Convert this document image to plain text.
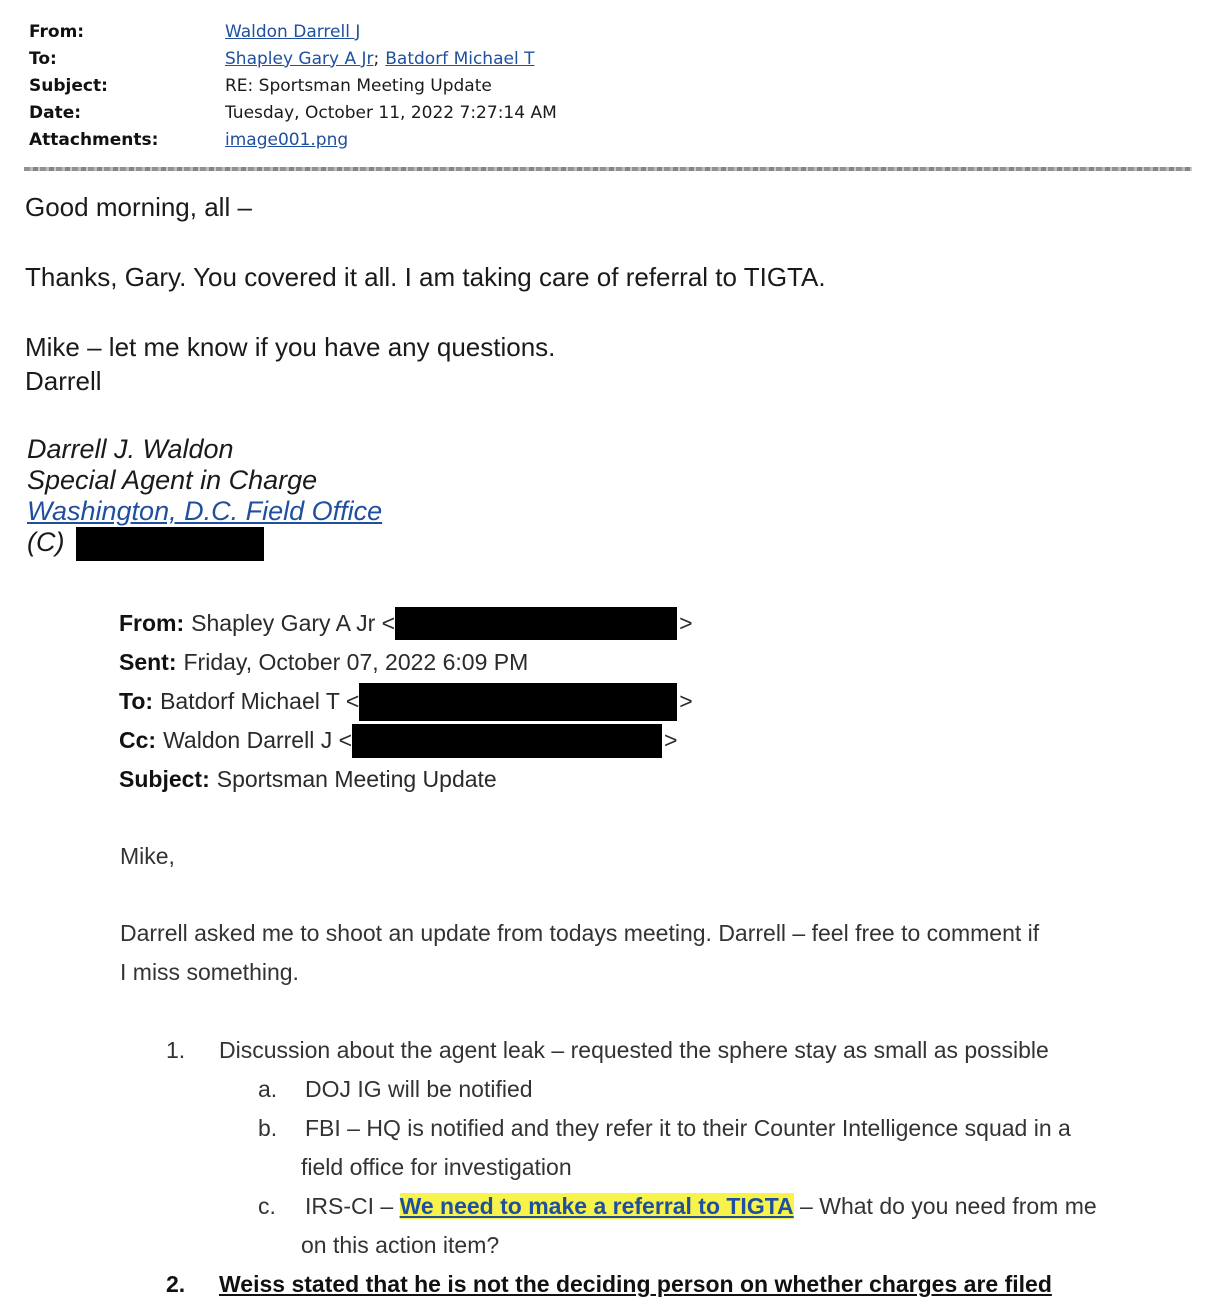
From:	Waldon Darrell J
To:	Shapley Gary A Jr ; Batdorf Michael T
Subject:	RE: Sportsman Meeting Update
Date:	Tuesday, October 11, 2022 7:27:14 AM
Attachments:	image001.png

Good morning, all –

Thanks, Gary. You covered it all. I am taking care of referral to TIGTA.

Mike – let me know if you have any questions.

Darrell

Darrell J. Waldon
Special Agent in Charge
Washington, D.C. Field Office
(C)
From: Shapley Gary A Jr <	>
Sent: Friday, October 07, 2022 6:09 PM
To: Batdorf Michael T <	>
Cc: Waldon Darrell J <	>
Subject: Sportsman Meeting Update

Mike,

Darrell asked me to shoot an update from todays meeting. Darrell – feel free to comment if

I miss something.

1.	Discussion about the agent leak – requested the sphere stay as small as possible
a.	DOJ IG will be notified
b.	FBI – HQ is notified and they refer it to their Counter Intelligence squad in a
field office for investigation
c.	IRS-CI – We need to make a referral to TIGTA – What do you need from me
on this action item?
2.	Weiss stated that he is not the deciding person on whether charges are filed
